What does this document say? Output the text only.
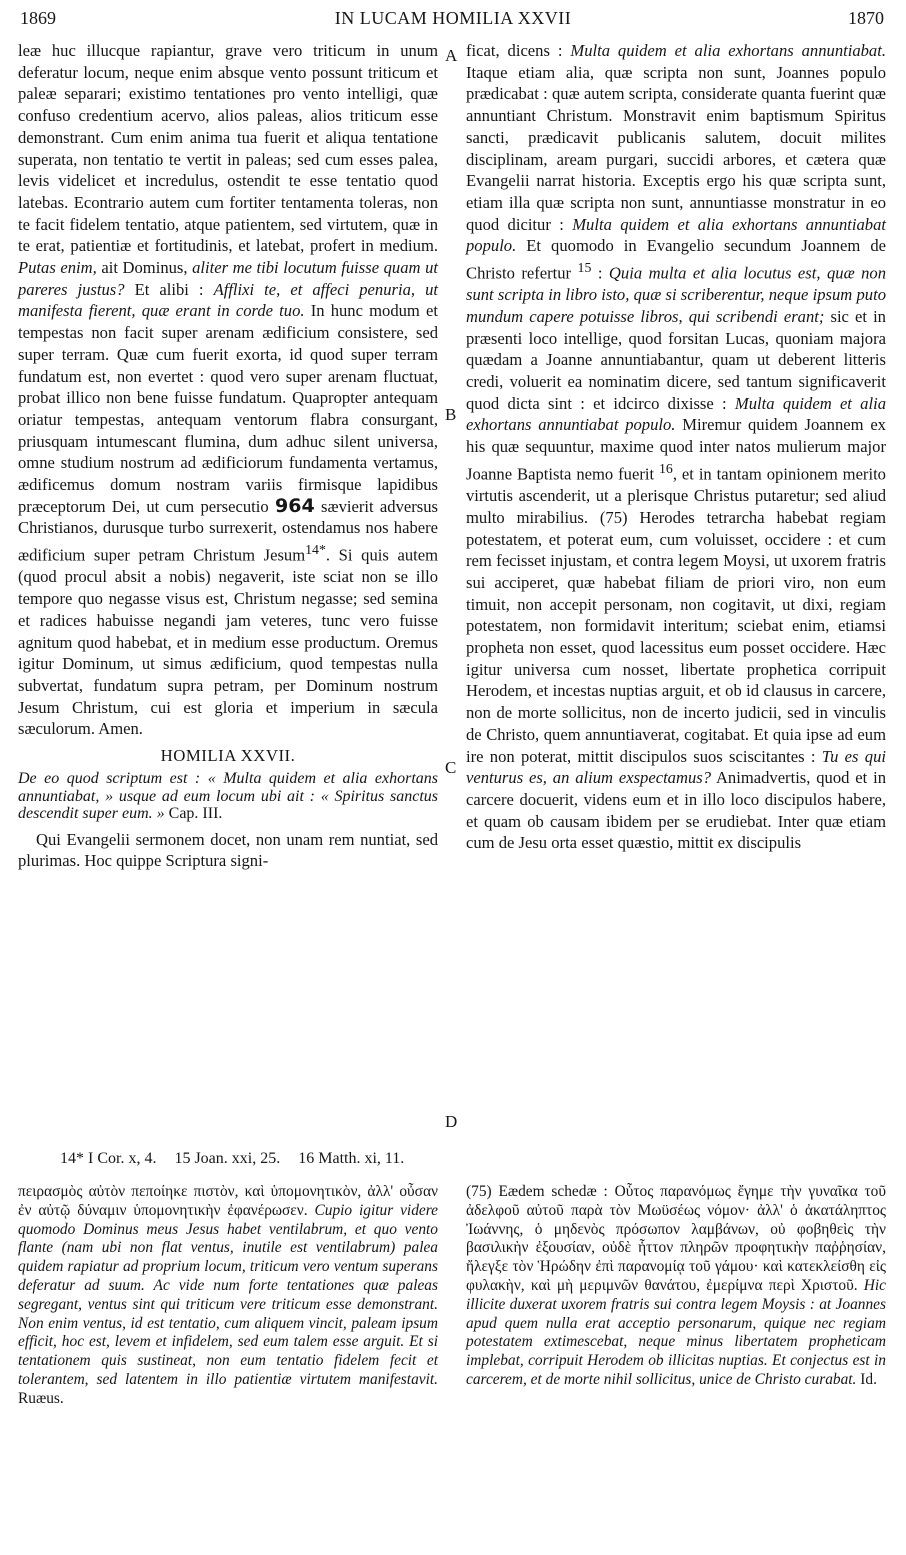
1869	IN LUCAM HOMILIA XXVII	1870
A
B
C
D

leæ huc illucque rapiantur, grave vero triticum in unum deferatur locum, neque enim absque vento possunt triticum et paleæ separari; existimo tentationes pro vento intelligi, quæ confuso credentium acervo, alios paleas, alios triticum esse demonstrant. Cum enim anima tua fuerit et aliqua tentatione superata, non tentatio te vertit in paleas; sed cum esses palea, levis videlicet et incredulus, ostendit te esse tentatio quod latebas. Econtrario autem cum fortiter tentamenta toleras, non te facit fidelem tentatio, atque patientem, sed virtutem, quæ in te erat, patientiæ et fortitudinis, et latebat, profert in medium. Putas enim, ait Dominus, aliter me tibi locutum fuisse quam ut pareres justus? Et alibi : Afflixi te, et affeci penuria, ut manifesta fierent, quæ erant in corde tuo. In hunc modum et tempestas non facit super arenam ædificium consistere, sed super terram. Quæ cum fuerit exorta, id quod super terram fundatum est, non evertet : quod vero super arenam fluctuat, probat illico non bene fuisse fundatum. Quapropter antequam oriatur tempestas, antequam ventorum flabra consurgant, priusquam intumescant flumina, dum adhuc silent universa, omne studium nostrum ad ædificiorum fundamenta vertamus, ædificemus domum nostram variis firmisque lapidibus præceptorum Dei, ut cum persecutio 964 sævierit adversus Christianos, durusque turbo surrexerit, ostendamus nos habere ædificium super petram Christum Jesum$^{14*}$. Si quis autem (quod procul absit a nobis) negaverit, iste sciat non se illo tempore quo negasse visus est, Christum negasse; sed semina et radices habuisse negandi jam veteres, tunc vero fuisse agnitum quod habebat, et in medium esse productum. Oremus igitur Dominum, ut simus ædificium, quod tempestas nulla subvertat, fundatum supra petram, per Dominum nostrum Jesum Christum, cui est gloria et imperium in sæcula sæculorum. Amen.

HOMILIA XXVII.
De eo quod scriptum est : « Multa quidem et alia exhortans annuntiabat, » usque ad eum locum ubi ait : « Spiritus sanctus descendit super eum. » Cap. III.

Qui Evangelii sermonem docet, non unam rem nuntiat, sed plurimas. Hoc quippe Scriptura signi-

ficat, dicens : Multa quidem et alia exhortans annuntiabat. Itaque etiam alia, quæ scripta non sunt, Joannes populo prædicabat : quæ autem scripta, considerate quanta fuerint quæ annuntiant Christum. Monstravit enim baptismum Spiritus sancti, prædicavit publicanis salutem, docuit milites disciplinam, aream purgari, succidi arbores, et cætera quæ Evangelii narrat historia. Exceptis ergo his quæ scripta sunt, etiam illa quæ scripta non sunt, annuntiasse monstratur in eo quod dicitur : Multa quidem et alia exhortans annuntiabat populo. Et quomodo in Evangelio secundum Joannem de Christo refertur $^{15}$ : Quia multa et alia locutus est, quæ non sunt scripta in libro isto, quæ si scriberentur, neque ipsum puto mundum capere potuisse libros, qui scribendi erant; sic et in præsenti loco intellige, quod forsitan Lucas, quoniam majora quædam a Joanne annuntiabantur, quam ut deberent litteris credi, voluerit ea nominatim dicere, sed tantum significaverit quod dicta sint : et idcirco dixisse : Multa quidem et alia exhortans annuntiabat populo. Miremur quidem Joannem ex his quæ sequuntur, maxime quod inter natos mulierum major Joanne Baptista nemo fuerit $^{16}$, et in tantam opinionem merito virtutis ascenderit, ut a plerisque Christus putaretur; sed aliud multo mirabilius. (75) Herodes tetrarcha habebat regiam potestatem, et poterat eum, cum voluisset, occidere : et cum rem fecisset injustam, et contra legem Moysi, ut uxorem fratris sui acciperet, quæ habebat filiam de priori viro, non eum timuit, non accepit personam, non cogitavit, ut dixi, regiam potestatem, non formidavit interitum; sciebat enim, etiamsi propheta non esset, quod lacessitus eum posset occidere. Hæc igitur universa cum nosset, libertate prophetica corripuit Herodem, et incestas nuptias arguit, et ob id clausus in carcere, non de morte sollicitus, non de incerto judicii, sed in vinculis de Christo, quem annuntiaverat, cogitabat. Et quia ipse ad eum ire non poterat, mittit discipulos suos sciscitantes : Tu es qui venturus es, an alium exspectamus? Animadvertis, quod et in carcere docuerit, videns eum et in illo loco discipulos habere, et quam ob causam ibidem per se erudiebat. Inter quæ etiam cum de Jesu orta esset quæstio, mittit ex discipulis

14* I Cor. x, 4. 15 Joan. xxi, 25. 16 Matth. xi, 11.

πειρασμὸς αὐτὸν πεποίηκε πιστὸν, καὶ ὑπομονητικὸν, ἀλλ' οὖσαν ἐν αὐτῷ δύναμιν ὑπομονητικὴν ἐφανέρωσεν. Cupio igitur videre quomodo Dominus meus Jesus habet ventilabrum, et quo vento flante (nam ubi non flat ventus, inutile est ventilabrum) palea quidem rapiatur ad proprium locum, triticum vero ventum superans deferatur ad suum. Ac vide num forte tentationes quæ paleas segregant, ventus sint qui triticum vere triticum esse demonstrant. Non enim ventus, id est tentatio, cum aliquem vincit, paleam ipsum efficit, hoc est, levem et infidelem, sed eum talem esse arguit. Et si tentationem quis sustineat, non eum tentatio fidelem fecit et tolerantem, sed latentem in illo patientiæ virtutem manifestavit. Ruæus.

(75) Eædem schedæ : Οὗτος παρανόμως ἔγημε τὴν γυναῖκα τοῦ ἀδελφοῦ αὐτοῦ παρὰ τὸν Μωϋσέως νόμον· ἀλλ' ὁ ἀκατάληπτος Ἰωάννης, ὁ μηδενὸς πρόσωπον λαμβάνων, οὐ φοβηθεὶς τὴν βασιλικὴν ἐξουσίαν, οὐδὲ ἧττον πληρῶν προφητικὴν παῤῥησίαν, ἤλεγξε τὸν Ἡρώδην ἐπὶ παρανομίᾳ τοῦ γάμου· καὶ κατεκλείσθη εἰς φυλακὴν, καὶ μὴ μεριμνῶν θανάτου, ἐμερίμνα περὶ Χριστοῦ. Hic illicite duxerat uxorem fratris sui contra legem Moysis : at Joannes apud quem nulla erat acceptio personarum, quique nec regiam potestatem extimescebat, neque minus libertatem propheticam implebat, corripuit Herodem ob illicitas nuptias. Et conjectus est in carcerem, et de morte nihil sollicitus, unice de Christo curabat. Id.
